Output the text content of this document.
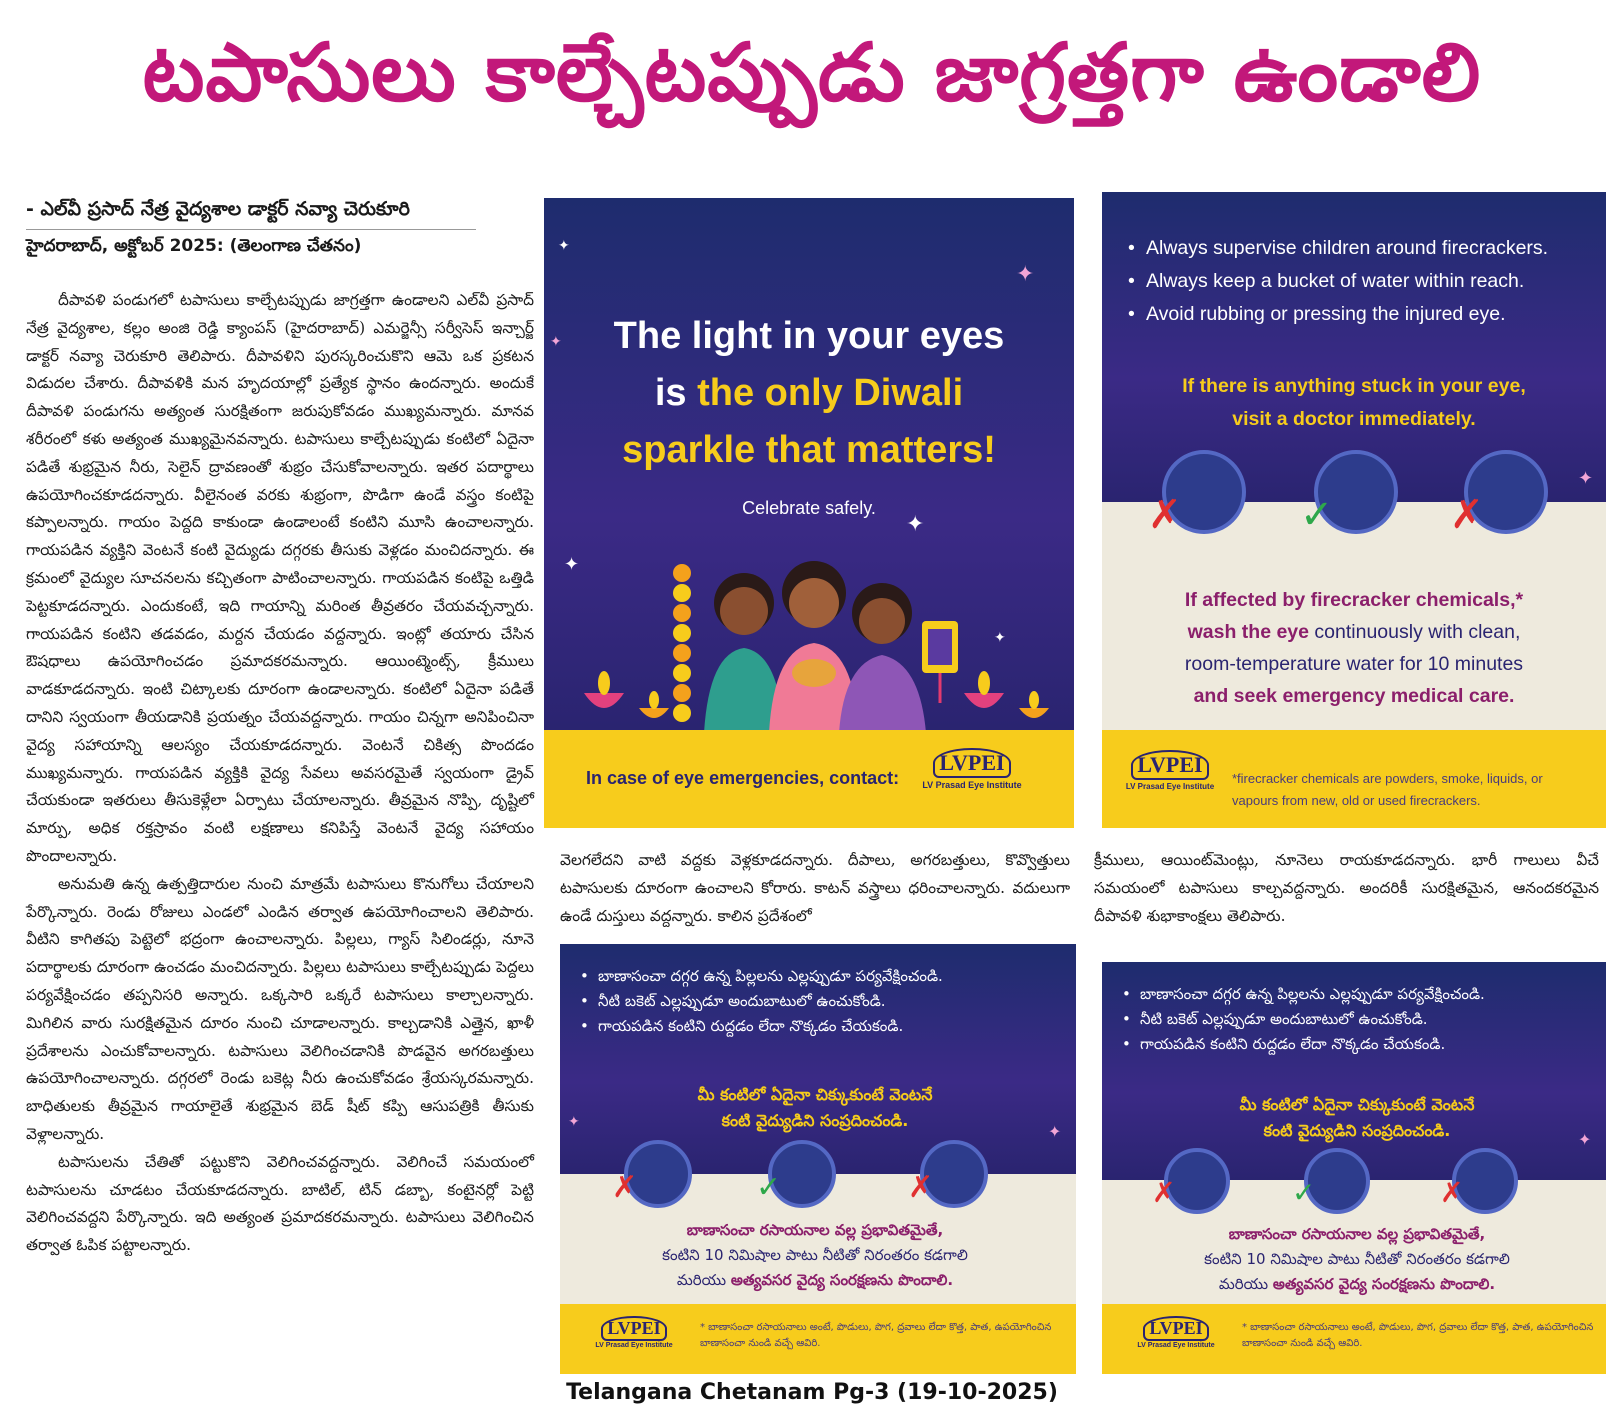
టపాసులు కాల్చేటప్పుడు జాగ్రత్తగా ఉండాలి
- ఎల్‌వీ ప్రసాద్ నేత్ర వైద్యశాల డాక్టర్ నవ్యా చెరుకూరి
హైదరాబాద్, అక్టోబర్ 2025: (తెలంగాణ చేతనం)

దీపావళి పండుగలో టపాసులు కాల్చేటప్పుడు జాగ్రత్తగా ఉండాలని ఎల్‌వీ ప్రసాద్ నేత్ర వైద్యశాల, కల్లం అంజి రెడ్డి క్యాంపస్ (హైదరాబాద్) ఎమర్జెన్సీ సర్వీసెస్ ఇన్చార్జ్ డాక్టర్ నవ్యా చెరుకూరి తెలిపారు. దీపావళిని పురస్కరించుకొని ఆమె ఒక ప్రకటన విడుదల చేశారు. దీపావళికి మన హృదయాల్లో ప్రత్యేక స్థానం ఉందన్నారు. అందుకే దీపావళి పండుగను అత్యంత సురక్షితంగా జరుపుకోవడం ముఖ్యమన్నారు. మానవ శరీరంలో కళు అత్యంత ముఖ్యమైనవన్నారు. టపాసులు కాల్చేటప్పుడు కంటిలో ఏదైనా పడితే శుభ్రమైన నీరు, సెలైన్ ద్రావణంతో శుభ్రం చేసుకోవాలన్నారు. ఇతర పదార్థాలు ఉపయోగించకూడదన్నారు. వీలైనంత వరకు శుభ్రంగా, పొడిగా ఉండే వస్త్రం కంటిపై కప్పాలన్నారు. గాయం పెద్దది కాకుండా ఉండాలంటే కంటిని మూసి ఉంచాలన్నారు. గాయపడిన వ్యక్తిని వెంటనే కంటి వైద్యుడు దగ్గరకు తీసుకు వెళ్లడం మంచిదన్నారు. ఈ క్రమంలో వైద్యుల సూచనలను కచ్చితంగా పాటించాలన్నారు. గాయపడిన కంటిపై ఒత్తిడి పెట్టకూడదన్నారు. ఎందుకంటే, ఇది గాయాన్ని మరింత తీవ్రతరం చేయవచ్చన్నారు. గాయపడిన కంటిని తడవడం, మర్దన చేయడం వద్దన్నారు. ఇంట్లో తయారు చేసిన ఔషధాలు ఉపయోగించడం ప్రమాదకరమన్నారు. ఆయింట్మెంట్స్, క్రీములు వాడకూడదన్నారు. ఇంటి చిట్కాలకు దూరంగా ఉండాలన్నారు. కంటిలో ఏదైనా పడితే దానిని స్వయంగా తీయడానికి ప్రయత్నం చేయవద్దన్నారు. గాయం చిన్నగా అనిపించినా వైద్య సహాయాన్ని ఆలస్యం చేయకూడదన్నారు. వెంటనే చికిత్స పొందడం ముఖ్యమన్నారు. గాయపడిన వ్యక్తికి వైద్య సేవలు అవసరమైతే స్వయంగా డ్రైవ్ చేయకుండా ఇతరులు తీసుకెళ్లేలా ఏర్పాటు చేయాలన్నారు. తీవ్రమైన నొప్పి, దృష్టిలో మార్పు, అధిక రక్తస్రావం వంటి లక్షణాలు కనిపిస్తే వెంటనే వైద్య సహాయం పొందాలన్నారు.

అనుమతి ఉన్న ఉత్పత్తిదారుల నుంచి మాత్రమే టపాసులు కొనుగోలు చేయాలని పేర్కొన్నారు. రెండు రోజులు ఎండలో ఎండిన తర్వాత ఉపయోగించాలని తెలిపారు. వీటిని కాగితపు పెట్టెలో భద్రంగా ఉంచాలన్నారు. పిల్లలు, గ్యాస్ సిలిండర్లు, నూనె పదార్థాలకు దూరంగా ఉంచడం మంచిదన్నారు. పిల్లలు టపాసులు కాల్చేటప్పుడు పెద్దలు పర్యవేక్షించడం తప్పనిసరి అన్నారు. ఒక్కసారి ఒక్కరే టపాసులు కాల్చాలన్నారు. మిగిలిన వారు సురక్షితమైన దూరం నుంచి చూడాలన్నారు. కాల్చడానికి ఎత్తైన, ఖాళీ ప్రదేశాలను ఎంచుకోవాలన్నారు. టపాసులు వెలిగించడానికి పొడవైన అగరబత్తులు ఉపయోగించాలన్నారు. దగ్గరలో రెండు బకెట్ల నీరు ఉంచుకోవడం శ్రేయస్కరమన్నారు. బాధితులకు తీవ్రమైన గాయాలైతే శుభ్రమైన బెడ్ షీట్ కప్పి ఆసుపత్రికి తీసుకు వెళ్లాలన్నారు.

టపాసులను చేతితో పట్టుకొని వెలిగించవద్దన్నారు. వెలిగించే సమయంలో టపాసులను చూడటం చేయకూడదన్నారు. బాటిల్, టిన్ డబ్బా, కంటైనర్లో పెట్టి వెలిగించవద్దని పేర్కొన్నారు. ఇది అత్యంత ప్రమాదకరమన్నారు. టపాసులు వెలిగించిన తర్వాత ఓపిక పట్టాలన్నారు.

✦
✦
✦
✦
✦
✦
The light in your eyes
is the only Diwali
sparkle that matters!
Celebrate safely.
In case of eye emergencies, contact:
LVPEI
LV Prasad Eye Institute
✦
• Always supervise children around firecrackers.
• Always keep a bucket of water within reach.
• Avoid rubbing or pressing the injured eye.
If there is anything stuck in your eye,
visit a doctor immediately.
✗	✓	✗
If affected by firecracker chemicals,*
wash the eye continuously with clean,
room-temperature water for 10 minutes
and seek emergency medical care.
LVPEI
LV Prasad Eye Institute
*firecracker chemicals are powders, smoke, liquids, or vapours from new, old or used firecrackers.
వెలగలేదని వాటి వద్దకు వెళ్లకూడదన్నారు. దీపాలు, అగరబత్తులు, కొవ్వొత్తులు టపాసులకు దూరంగా ఉంచాలని కోరారు. కాటన్ వస్త్రాలు ధరించాలన్నారు. వదులుగా ఉండే దుస్తులు వద్దన్నారు. కాలిన ప్రదేశంలో
క్రీములు, ఆయింట్‌మెంట్లు, నూనెలు రాయకూడదన్నారు. భారీ గాలులు వీచే సమయంలో టపాసులు కాల్చవద్దన్నారు. అందరికీ సురక్షితమైన, ఆనందకరమైన దీపావళి శుభాకాంక్షలు తెలిపారు.
✦	✦
• బాణాసంచా దగ్గర ఉన్న పిల్లలను ఎల్లప్పుడూ పర్యవేక్షించండి.
• నీటి బకెట్ ఎల్లప్పుడూ అందుబాటులో ఉంచుకోండి.
• గాయపడిన కంటిని రుద్దడం లేదా నొక్కడం చేయకండి.
మీ కంటిలో ఏదైనా చిక్కుకుంటే వెంటనే
కంటి వైద్యుడిని సంప్రదించండి.
✗	✓	✗
బాణాసంచా రసాయనాల వల్ల ప్రభావితమైతే,
కంటిని 10 నిమిషాల పాటు నీటితో నిరంతరం కడగాలి
మరియు అత్యవసర వైద్య సంరక్షణను పొందాలి.
LVPEI
LV Prasad Eye Institute
* బాణాసంచా రసాయనాలు అంటే, పొడులు, పొగ, ద్రవాలు లేదా కొత్త, పాత, ఉపయోగించిన బాణాసంచా నుండి వచ్చే ఆవిరి.
✦
• బాణాసంచా దగ్గర ఉన్న పిల్లలను ఎల్లప్పుడూ పర్యవేక్షించండి.
• నీటి బకెట్ ఎల్లప్పుడూ అందుబాటులో ఉంచుకోండి.
• గాయపడిన కంటిని రుద్దడం లేదా నొక్కడం చేయకండి.
మీ కంటిలో ఏదైనా చిక్కుకుంటే వెంటనే
కంటి వైద్యుడిని సంప్రదించండి.
✗	✓	✗
బాణాసంచా రసాయనాల వల్ల ప్రభావితమైతే,
కంటిని 10 నిమిషాల పాటు నీటితో నిరంతరం కడగాలి
మరియు అత్యవసర వైద్య సంరక్షణను పొందాలి.
LVPEI
LV Prasad Eye Institute
* బాణాసంచా రసాయనాలు అంటే, పొడులు, పొగ, ద్రవాలు లేదా కొత్త, పాత, ఉపయోగించిన బాణాసంచా నుండి వచ్చే ఆవిరి.
Telangana Chetanam Pg-3 (19-10-2025)
